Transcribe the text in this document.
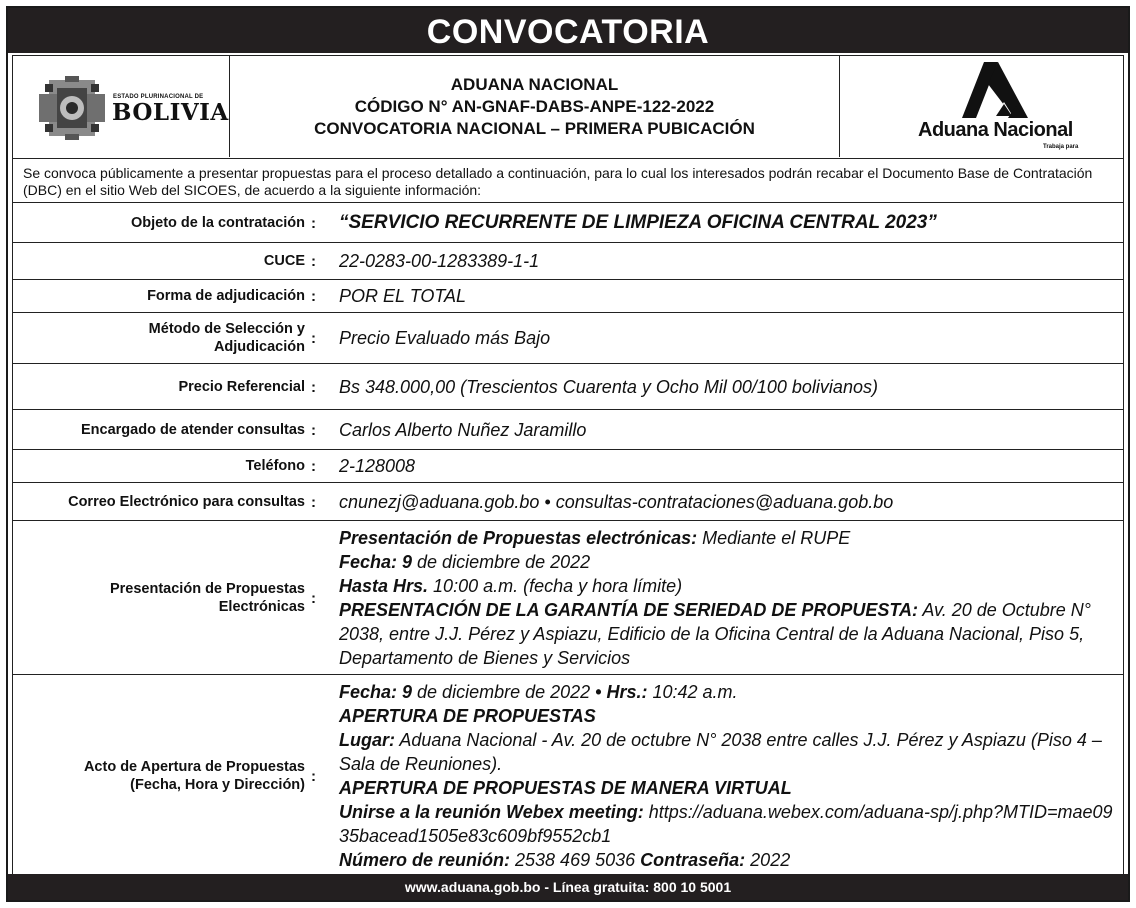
CONVOCATORIA
ESTADO PLURINACIONAL DE
BOLIVIA
ADUANA NACIONAL
CÓDIGO N° AN-GNAF-DABS-ANPE-122-2022
CONVOCATORIA NACIONAL – PRIMERA PUBICACIÓN	Aduana Nacional
Trabaja para
Se convoca públicamente a presentar propuestas para el proceso detallado a continuación, para lo cual los interesados podrán recabar el Documento Base de Contratación (DBC) en el sitio Web del SICOES, de acuerdo a la siguiente información:
Objeto de la contratación : “SERVICIO RECURRENTE DE LIMPIEZA OFICINA CENTRAL 2023”
CUCE : 22-0283-00-1283389-1-1
Forma de adjudicación : POR EL TOTAL
Método de Selección y Adjudicación : Precio Evaluado más Bajo
Precio Referencial : Bs 348.000,00 (Trescientos Cuarenta y Ocho Mil 00/100 bolivianos)
Encargado de atender consultas : Carlos Alberto Nuñez Jaramillo
Teléfono : 2-128008
Correo Electrónico para consultas : cnunezj@aduana.gob.bo • consultas-contrataciones@aduana.gob.bo
Presentación de Propuestas Electrónicas :
Presentación de Propuestas electrónicas: Mediante el RUPE
Fecha: 9 de diciembre de 2022
Hasta Hrs. 10:00 a.m. (fecha y hora límite)
PRESENTACIÓN DE LA GARANTÍA DE SERIEDAD DE PROPUESTA: Av. 20 de Octubre N° 2038, entre J.J. Pérez y Aspiazu, Edificio de la Oficina Central de la Aduana Nacional, Piso 5, Departamento de Bienes y Servicios
Acto de Apertura de Propuestas (Fecha, Hora y Dirección) :
Fecha: 9 de diciembre de 2022 • Hrs.: 10:42 a.m.
APERTURA DE PROPUESTAS
Lugar: Aduana Nacional - Av. 20 de octubre N° 2038 entre calles J.J. Pérez y Aspiazu (Piso 4 – Sala de Reuniones).
APERTURA DE PROPUESTAS DE MANERA VIRTUAL
Unirse a la reunión Webex meeting: https://aduana.webex.com/aduana-sp/j.php?MTID=mae0935bacead1505e83c609bf9552cb1
Número de reunión: 2538 469 5036 Contraseña: 2022
www.aduana.gob.bo - Línea gratuita: 800 10 5001
